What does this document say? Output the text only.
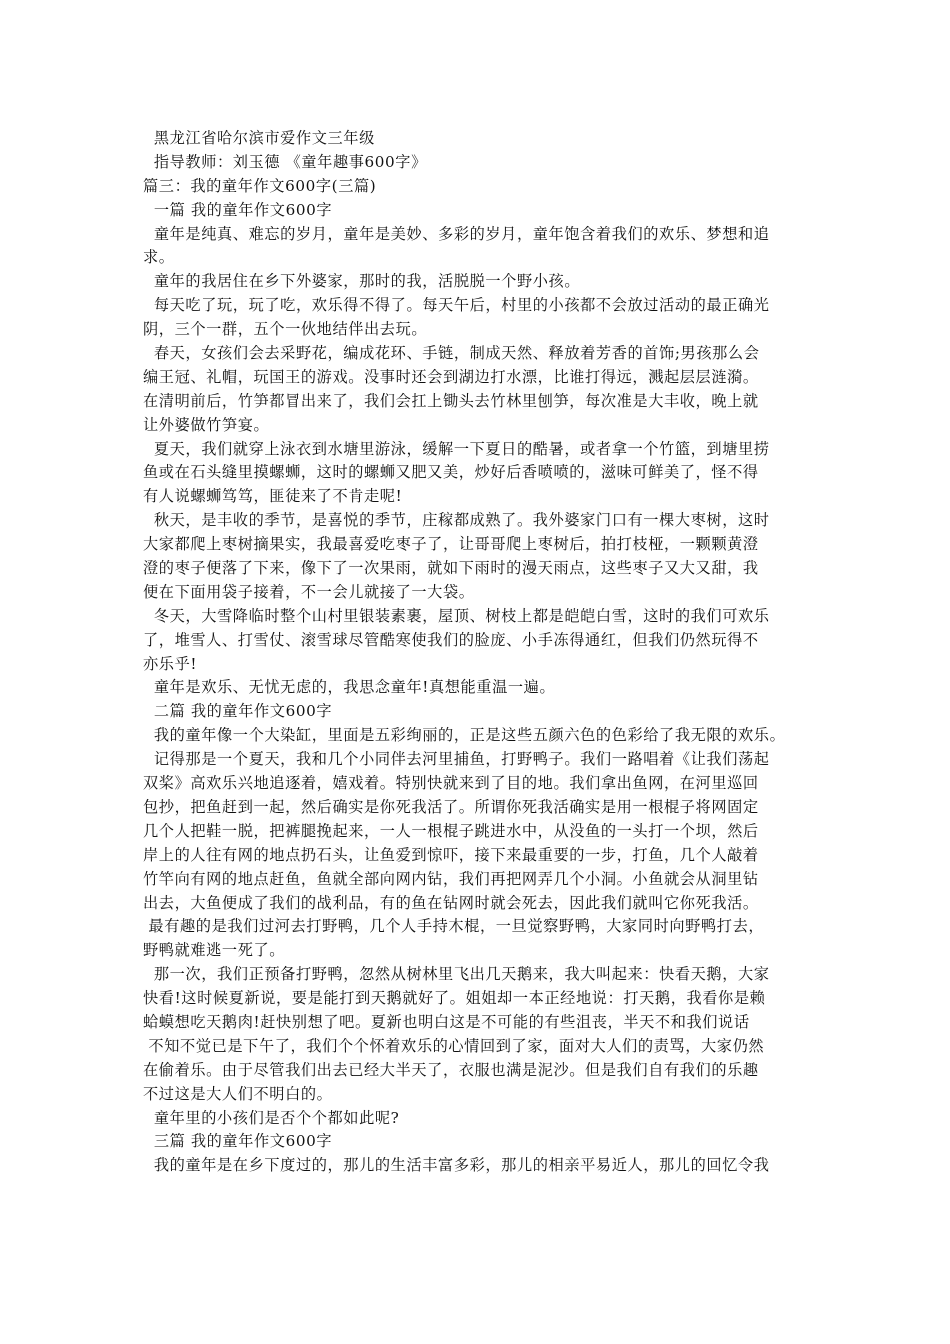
黑龙江省哈尔滨市爱作文三年级
指导教师：刘玉德 《童年趣事600字》
篇三：我的童年作文600字(三篇)
一篇 我的童年作文600字
童年是纯真、难忘的岁月，童年是美妙、多彩的岁月，童年饱含着我们的欢乐、梦想和追
求。
童年的我居住在乡下外婆家，那时的我，活脱脱一个野小孩。
每天吃了玩，玩了吃，欢乐得不得了。每天午后，村里的小孩都不会放过活动的最正确光
阴，三个一群，五个一伙地结伴出去玩。
春天，女孩们会去采野花，编成花环、手链，制成天然、释放着芳香的首饰;男孩那么会
编王冠、礼帽，玩国王的游戏。没事时还会到湖边打水漂，比谁打得远，溅起层层涟漪。
在清明前后，竹笋都冒出来了，我们会扛上锄头去竹林里刨笋，每次准是大丰收，晚上就
让外婆做竹笋宴。
夏天，我们就穿上泳衣到水塘里游泳，缓解一下夏日的酷暑，或者拿一个竹篮，到塘里捞
鱼或在石头缝里摸螺蛳，这时的螺蛳又肥又美，炒好后香喷喷的，滋味可鲜美了，怪不得
有人说螺蛳笃笃，匪徒来了不肯走呢!
秋天，是丰收的季节，是喜悦的季节，庄稼都成熟了。我外婆家门口有一棵大枣树，这时
大家都爬上枣树摘果实，我最喜爱吃枣子了，让哥哥爬上枣树后，拍打枝桠，一颗颗黄澄
澄的枣子便落了下来，像下了一次果雨，就如下雨时的漫天雨点，这些枣子又大又甜，我
便在下面用袋子接着，不一会儿就接了一大袋。
冬天，大雪降临时整个山村里银装素裹，屋顶、树枝上都是皑皑白雪，这时的我们可欢乐
了，堆雪人、打雪仗、滚雪球尽管酷寒使我们的脸庞、小手冻得通红，但我们仍然玩得不
亦乐乎!
童年是欢乐、无忧无虑的，我思念童年!真想能重温一遍。
二篇 我的童年作文600字
我的童年像一个大染缸，里面是五彩绚丽的，正是这些五颜六色的色彩给了我无限的欢乐。
记得那是一个夏天，我和几个小同伴去河里捕鱼，打野鸭子。我们一路唱着《让我们荡起
双桨》高欢乐兴地追逐着，嬉戏着。特别快就来到了目的地。我们拿出鱼网，在河里巡回
包抄，把鱼赶到一起，然后确实是你死我活了。所谓你死我活确实是用一根棍子将网固定
几个人把鞋一脱，把裤腿挽起来，一人一根棍子跳进水中，从没鱼的一头打一个坝，然后
岸上的人往有网的地点扔石头，让鱼爱到惊吓，接下来最重要的一步，打鱼，几个人敲着
竹竿向有网的地点赶鱼，鱼就全部向网内钻，我们再把网弄几个小洞。小鱼就会从洞里钻
出去，大鱼便成了我们的战利品，有的鱼在钻网时就会死去，因此我们就叫它你死我活。
最有趣的是我们过河去打野鸭，几个人手持木棍，一旦觉察野鸭，大家同时向野鸭打去，
野鸭就难逃一死了。
那一次，我们正预备打野鸭，忽然从树林里飞出几天鹅来，我大叫起来：快看天鹅，大家
快看!这时候夏新说，要是能打到天鹅就好了。姐姐却一本正经地说：打天鹅，我看你是赖
蛤蟆想吃天鹅肉!赶快别想了吧。夏新也明白这是不可能的有些沮丧，半天不和我们说话
不知不觉已是下午了，我们个个怀着欢乐的心情回到了家，面对大人们的责骂，大家仍然
在偷着乐。由于尽管我们出去已经大半天了，衣服也满是泥沙。但是我们自有我们的乐趣
不过这是大人们不明白的。
童年里的小孩们是否个个都如此呢?
三篇 我的童年作文600字
我的童年是在乡下度过的，那儿的生活丰富多彩，那儿的相亲平易近人，那儿的回忆令我
